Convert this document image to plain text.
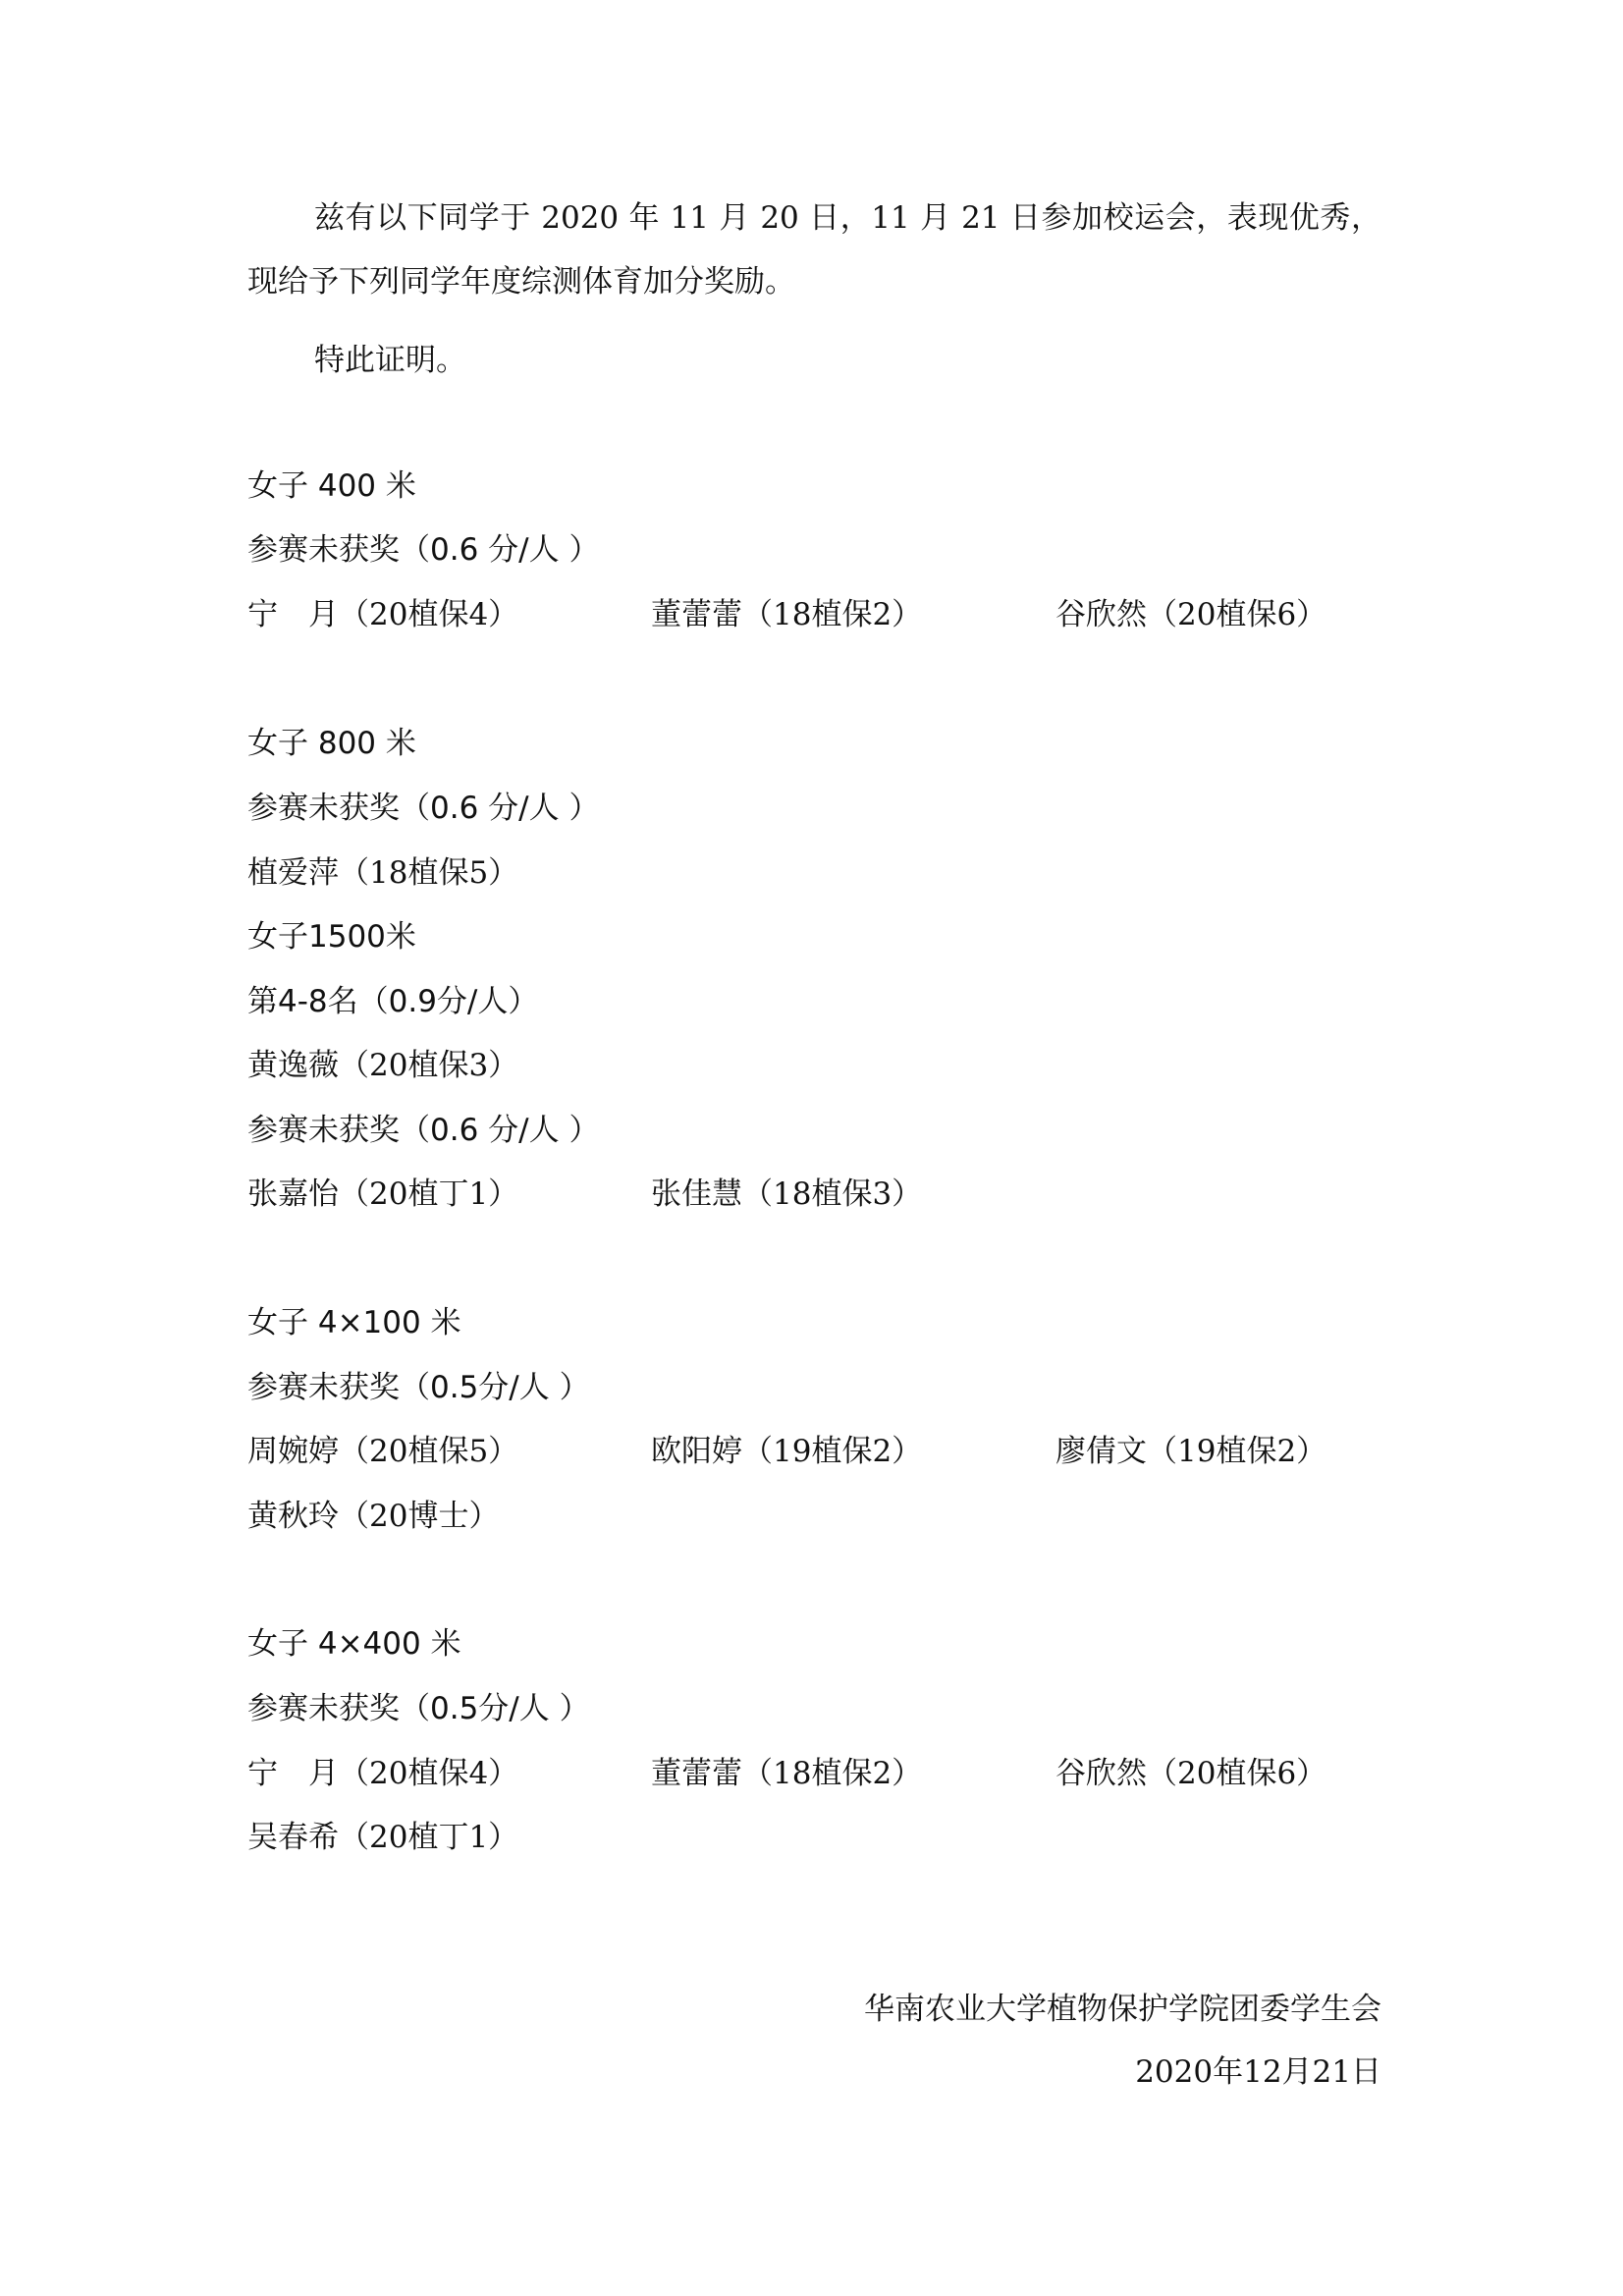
兹有以下同学于 2020 年 11 月 20 日，11 月 21 日参加校运会，表现优秀，现给予下列同学年度综测体育加分奖励。

特此证明。

女子 400 米
参赛未获奖（0.6 分/人 ）
宁　月（20植保4）	董蕾蕾（18植保2）	谷欣然（20植保6）
女子 800 米
参赛未获奖（0.6 分/人 ）
植爱萍（18植保5）
女子1500米
第4-8名（0.9分/人）
黄逸薇（20植保3）
参赛未获奖（0.6 分/人 ）
张嘉怡（20植丁1）	张佳慧（18植保3）
女子 4×100 米
参赛未获奖（0.5分/人 ）
周婉婷（20植保5）	欧阳婷（19植保2）	廖倩文（19植保2）
黄秋玲（20博士）
女子 4×400 米
参赛未获奖（0.5分/人 ）
宁　月（20植保4）	董蕾蕾（18植保2）	谷欣然（20植保6）
吴春希（20植丁1）
华南农业大学植物保护学院团委学生会
2020年12月21日
